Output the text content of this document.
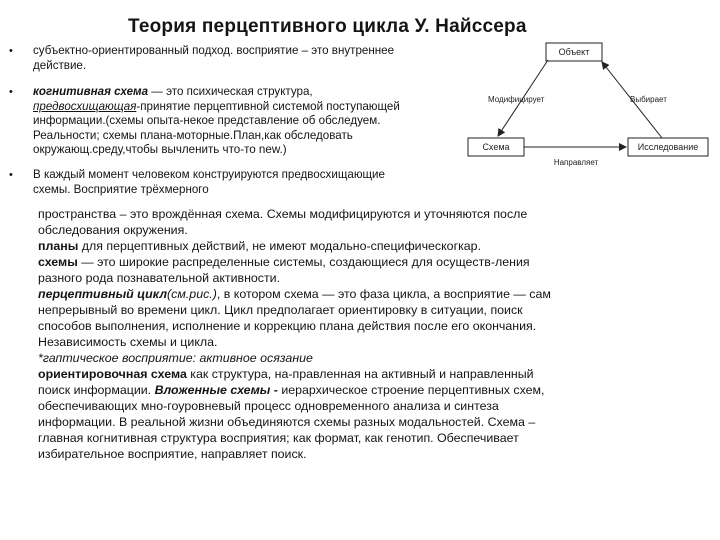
Теория перцептивного цикла У. Найссера
• субъектно-ориентированный подход. восприятие – это внутреннее
действие.
• когнитивная схема — это психическая структура,
предвосхищающая-принятие перцептивной системой поступающей
информации.(схемы опыта-некое представление об обследуем.
Реальности; схемы плана-моторные.План,как обследовать
окружающ.среду,чтобы вычленить что-то new.)
• В каждый момент человеком конструируются предвосхищающие
схемы. Восприятие трёхмерного
Объект
Схема	Исследование
Модифицирует	Выбирает
Направляет
пространства – это врождённая схема. Схемы модифицируются и уточняются после
обследования окружения.
планы для перцептивных действий, не имеют модально-специфическогкар.
схемы — это широкие распределенные системы, создающиеся для осуществ-ления
разного рода познавательной активности.
перцептивный цикл(см.рис.), в котором схема — это фаза цикла, а восприятие — сам
непрерывный во времени цикл. Цикл предполагает ориентировку в ситуации, поиск
способов выполнения, исполнение и коррекцию плана действия после его окончания.
Независимость схемы и цикла.
*гаптическое восприятие: активное осязание
ориентировочная схема как структура, на-правленная на активный и направленный
поиск информации. Вложенные схемы - иерархическое строение перцептивных схем,
обеспечивающих мно-гоуровневый процесс одновременного анализа и синтеза
информации. В реальной жизни объединяются схемы разных модальностей. Схема –
главная когнитивная структура восприятия; как формат, как генотип. Обеспечивает
избирательное восприятие, направляет поиск.
